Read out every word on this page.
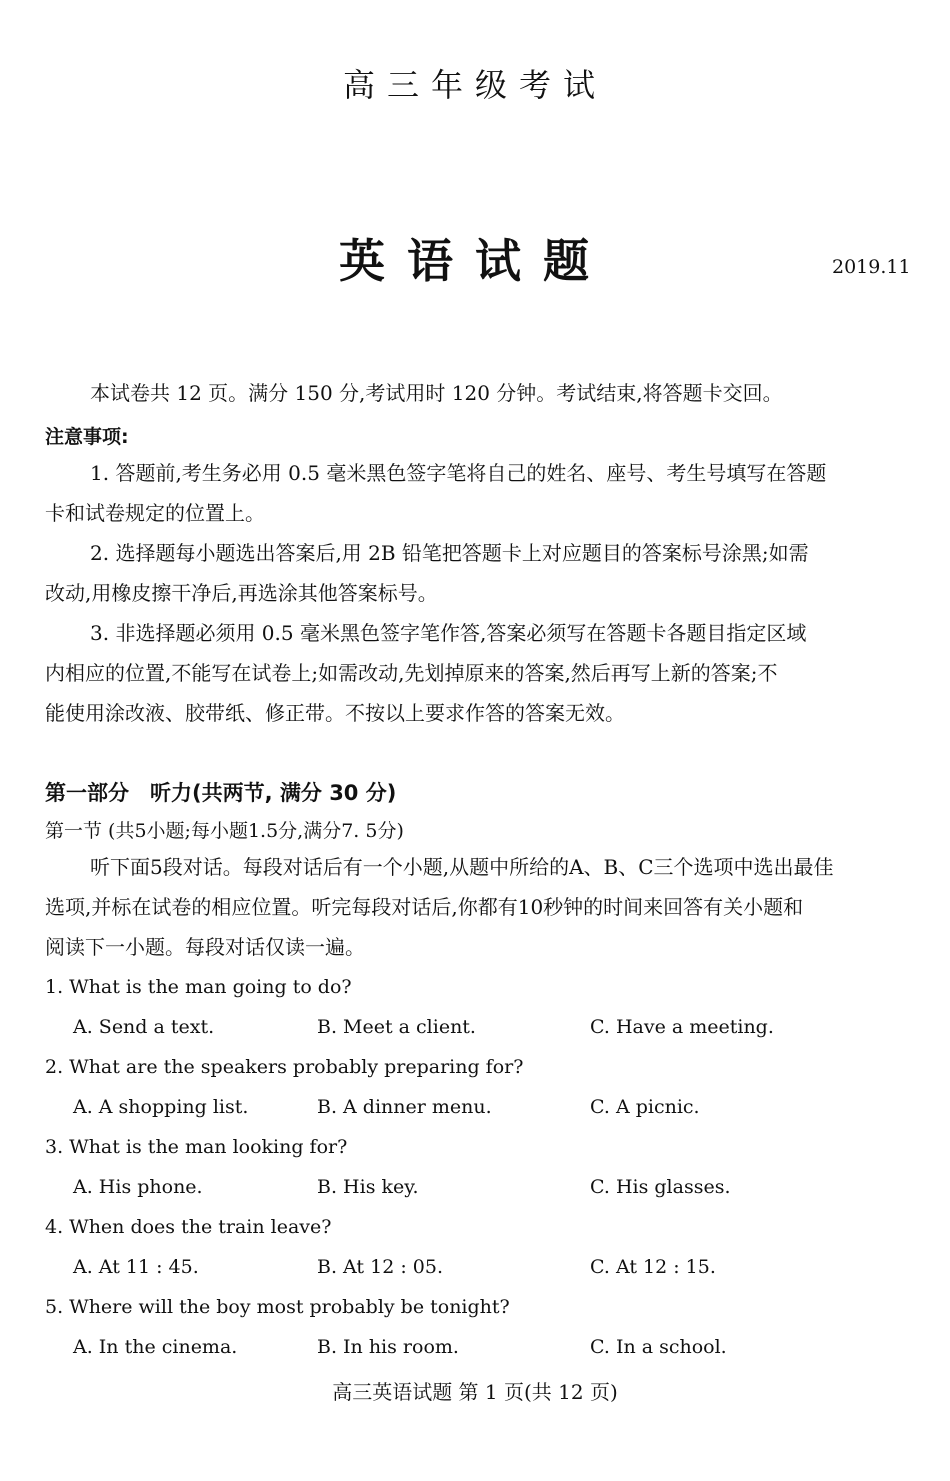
高三年级考试
英语试题	2019.11
本试卷共 12 页。满分 150 分,考试用时 120 分钟。考试结束,将答题卡交回。
注意事项:
1. 答题前,考生务必用 0.5 毫米黑色签字笔将自己的姓名、座号、考生号填写在答题
卡和试卷规定的位置上。
2. 选择题每小题选出答案后,用 2B 铅笔把答题卡上对应题目的答案标号涂黑;如需
改动,用橡皮擦干净后,再选涂其他答案标号。
3. 非选择题必须用 0.5 毫米黑色签字笔作答,答案必须写在答题卡各题目指定区域
内相应的位置,不能写在试卷上;如需改动,先划掉原来的答案,然后再写上新的答案;不
能使用涂改液、胶带纸、修正带。不按以上要求作答的答案无效。
第一部分　听力(共两节, 满分 30 分)
第一节 (共5小题;每小题1.5分,满分7. 5分)
听下面5段对话。每段对话后有一个小题,从题中所给的A、B、C三个选项中选出最佳
选项,并标在试卷的相应位置。听完每段对话后,你都有10秒钟的时间来回答有关小题和
阅读下一小题。每段对话仅读一遍。
1. What is the man going to do?
A. Send a text.	B. Meet a client.	C. Have a meeting.
2. What are the speakers probably preparing for?
A. A shopping list.	B. A dinner menu.	C. A picnic.
3. What is the man looking for?
A. His phone.	B. His key.	C. His glasses.
4. When does the train leave?
A. At 11 : 45.	B. At 12 : 05.	C. At 12 : 15.
5. Where will the boy most probably be tonight?
A. In the cinema.	B. In his room.	C. In a school.
高三英语试题 第 1 页(共 12 页)
